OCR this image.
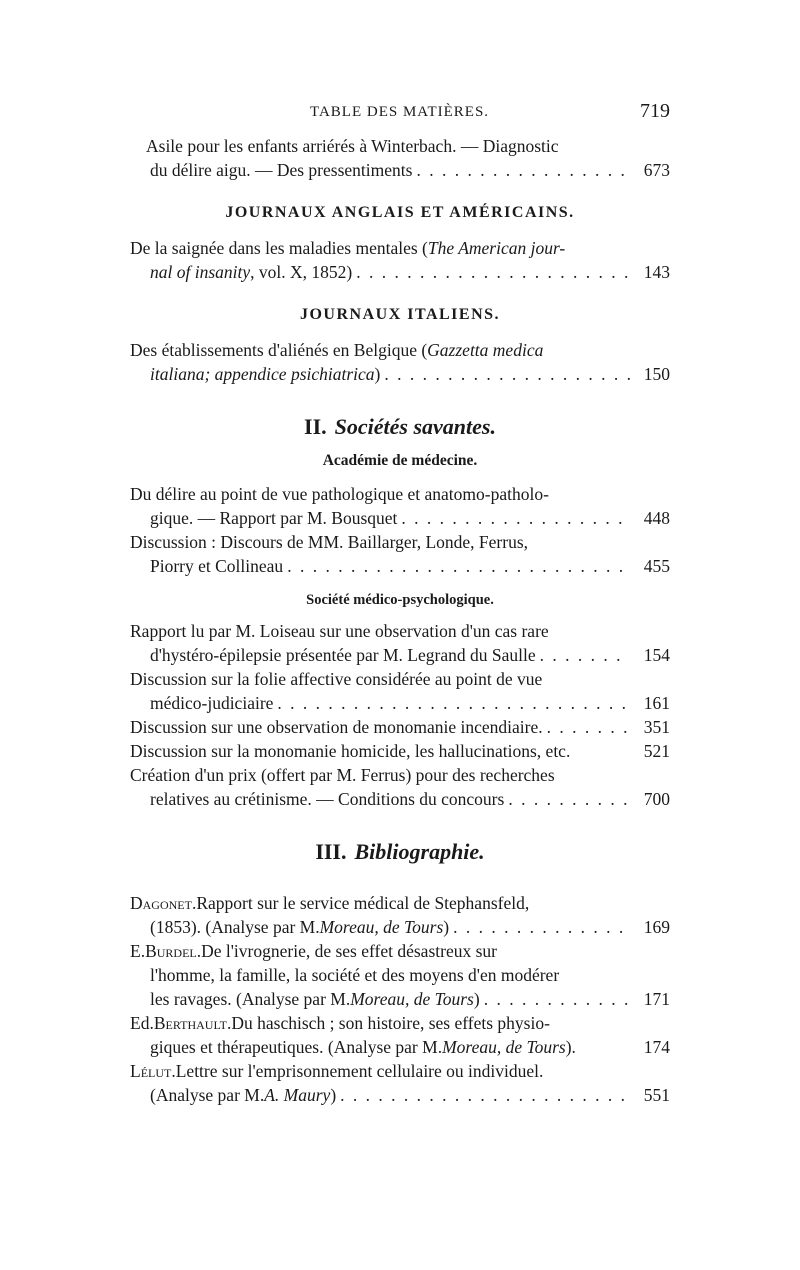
TABLE DES MATIÈRES.	719
Asile pour les enfants arriérés à Winterbach. — Diagnostic
du délire aigu. — Des pressentiments . . .	673
JOURNAUX ANGLAIS ET AMÉRICAINS.
De la saignée dans les maladies mentales ( The American jour-
nal of insanity , vol. X, 1852) . . .	143
JOURNAUX ITALIENS.
Des établissements d'aliénés en Belgique ( Gazzetta medica
italiana; appendice psichiatrica ) . . .	150
II. Sociétés savantes.
Académie de médecine.
Du délire au point de vue pathologique et anatomo-patholo-
gique. — Rapport par M. Bousquet . . .	448
Discussion : Discours de MM. Baillarger, Londe, Ferrus,
Piorry et Collineau . . .	455
Société médico-psychologique.
Rapport lu par M. Loiseau sur une observation d'un cas rare
d'hystéro-épilepsie présentée par M. Legrand du Saulle . . .	154
Discussion sur la folie affective considérée au point de vue
médico-judiciaire . . .	161
Discussion sur une observation de monomanie incendiaire. . . .	351
Discussion sur la monomanie homicide, les hallucinations, etc.	521
Création d'un prix (offert par M. Ferrus) pour des recherches
relatives au crétinisme. — Conditions du concours . . .	700
III. Bibliographie.
Dagonet. Rapport sur le service médical de Stephansfeld,
(1853). (Analyse par M. Moreau, de Tours ) . . .	169
E. Burdel. De l'ivrognerie, de ses effet désastreux sur
l'homme, la famille, la société et des moyens d'en modérer
les ravages. (Analyse par M. Moreau, de Tours ) . . .	171
Ed. Berthault. Du haschisch ; son histoire, ses effets physio-
giques et thérapeutiques. (Analyse par M. Moreau, de Tours ).	174
Lélut. Lettre sur l'emprisonnement cellulaire ou individuel.
(Analyse par M. A. Maury ) . . .	551
